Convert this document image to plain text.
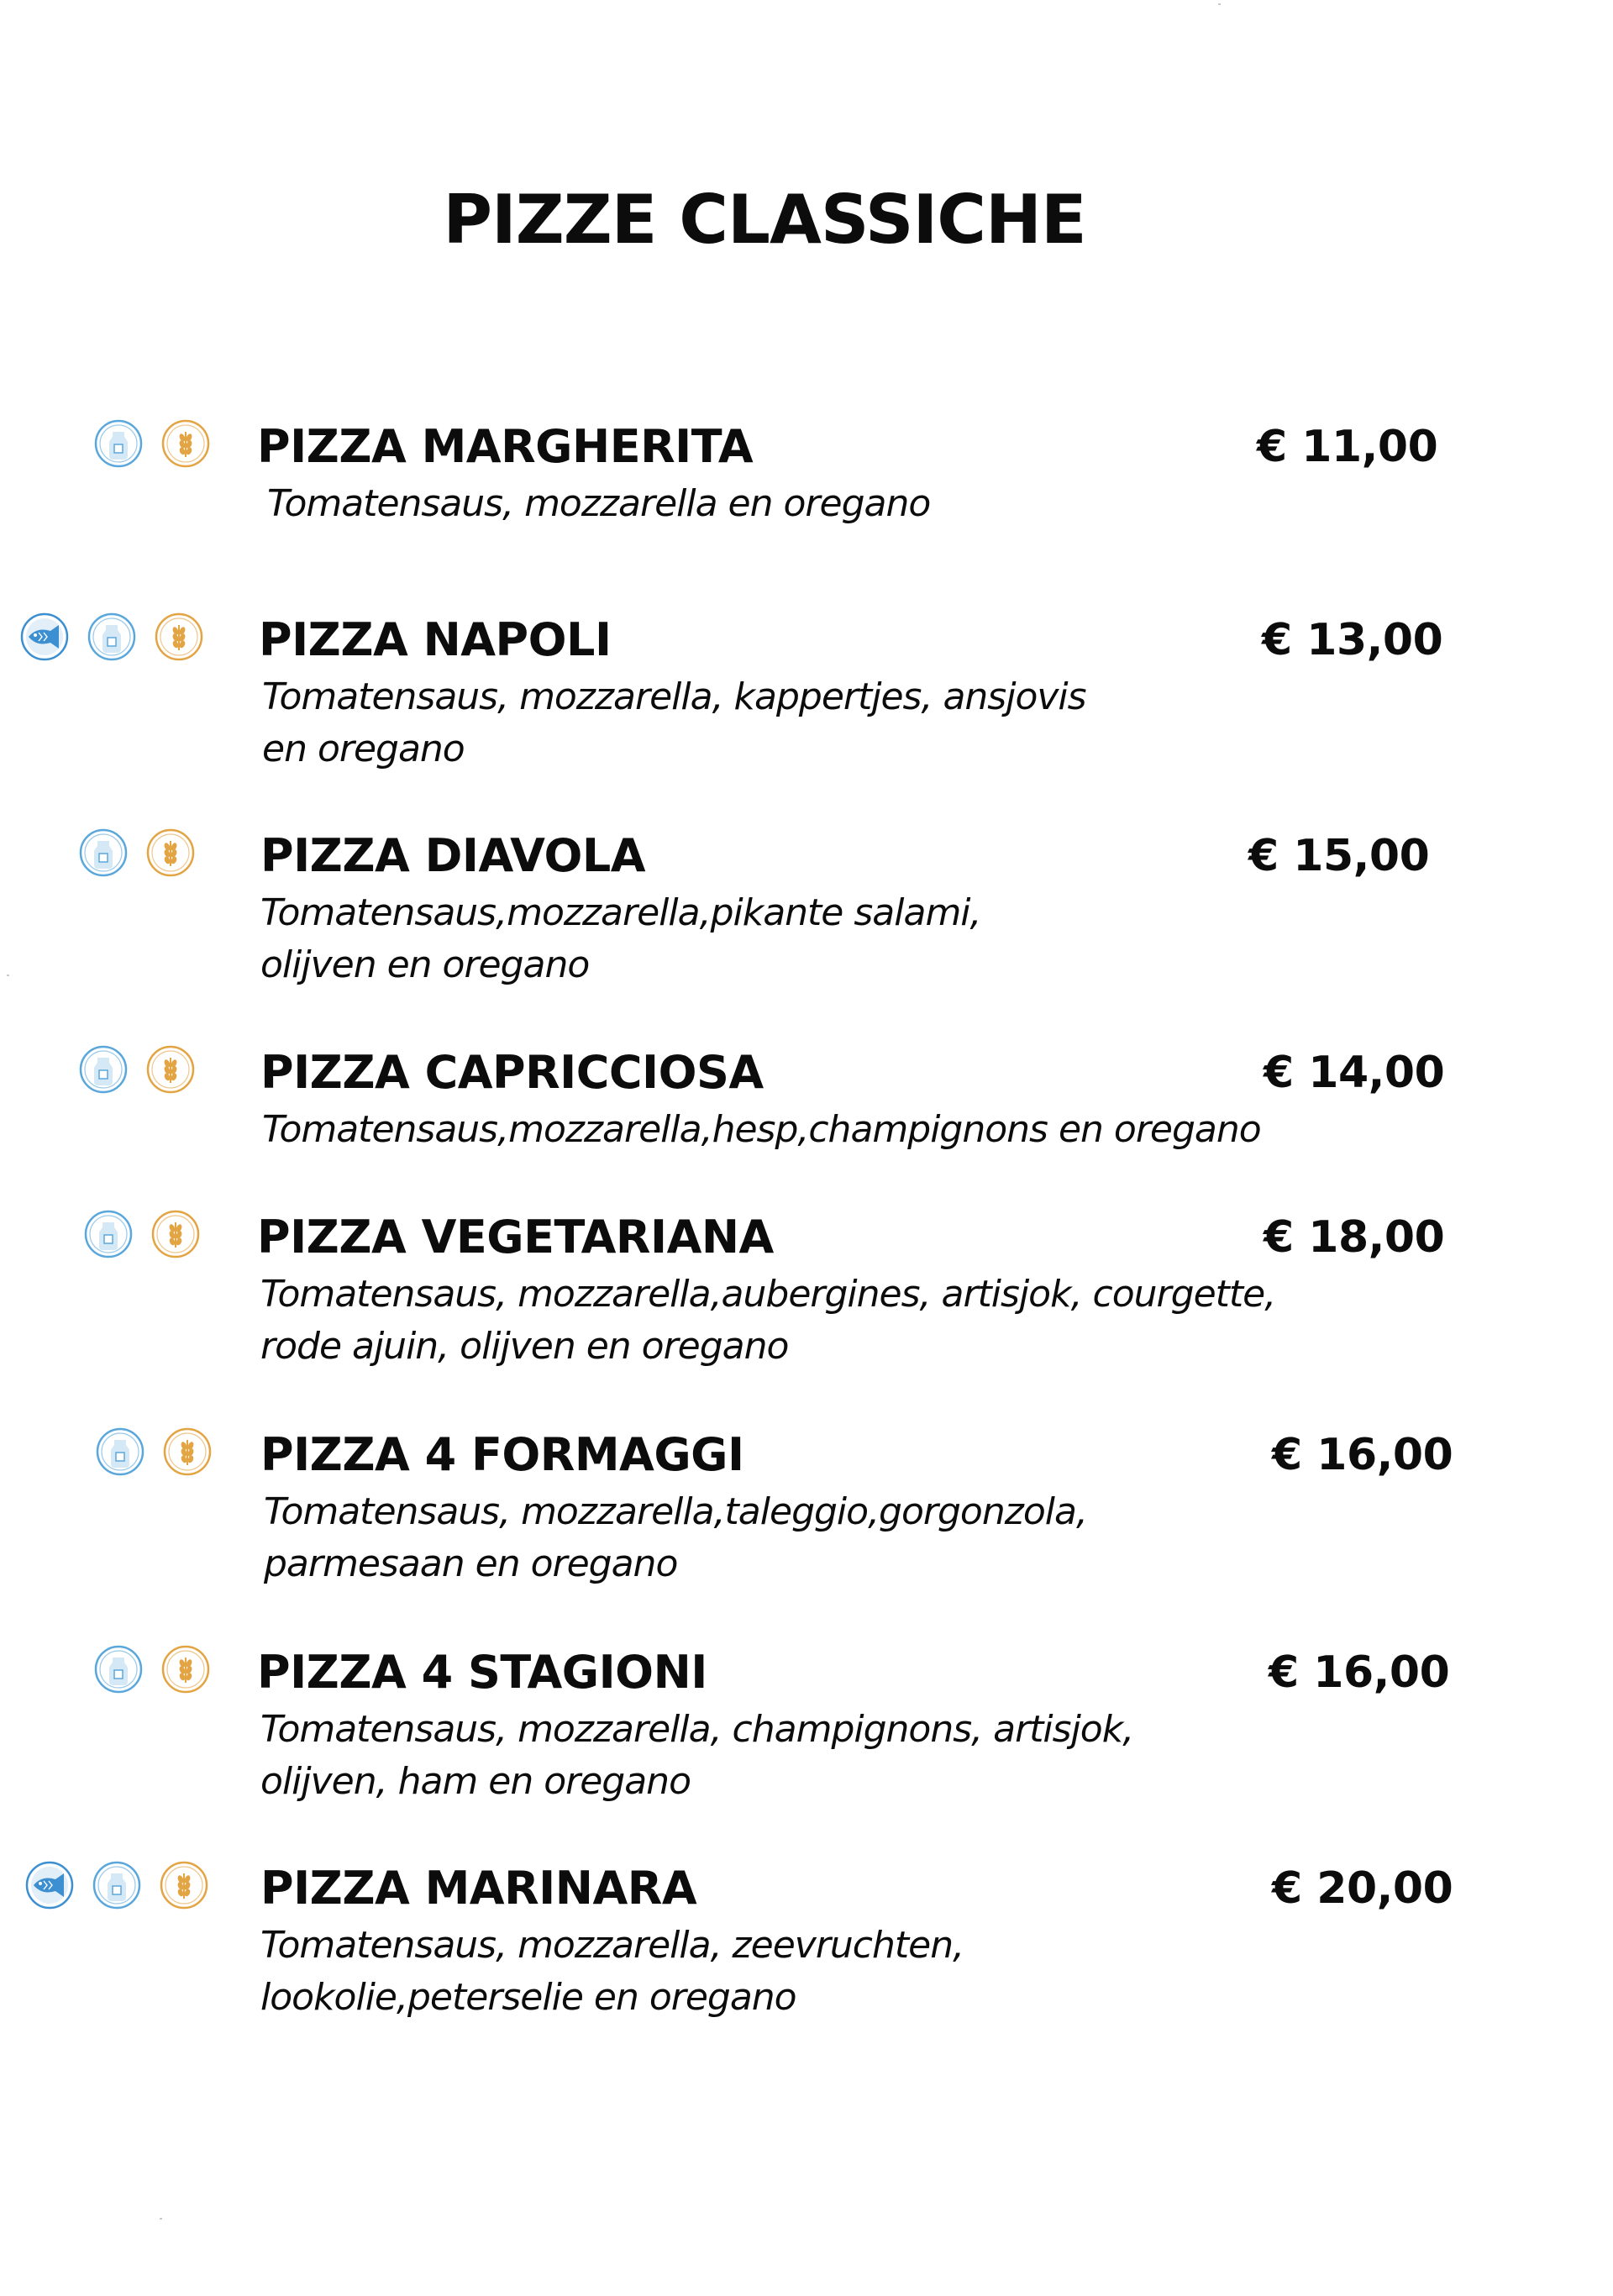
PIZZE CLASSICHE
PIZZA MARGHERITA	€ 11,00
Tomatensaus, mozzarella en oregano
PIZZA NAPOLI	€ 13,00
Tomatensaus, mozzarella, kappertjes, ansjovis
en oregano
PIZZA DIAVOLA	€ 15,00
Tomatensaus,mozzarella,pikante salami,
olijven en oregano
PIZZA CAPRICCIOSA	€ 14,00
Tomatensaus,mozzarella,hesp,champignons en oregano
PIZZA VEGETARIANA	€ 18,00
Tomatensaus, mozzarella,aubergines, artisjok, courgette,
rode ajuin, olijven en oregano
PIZZA 4 FORMAGGI	€ 16,00
Tomatensaus, mozzarella,taleggio,gorgonzola,
parmesaan en oregano
PIZZA 4 STAGIONI	€ 16,00
Tomatensaus, mozzarella, champignons, artisjok,
olijven, ham en oregano
PIZZA MARINARA	€ 20,00
Tomatensaus, mozzarella, zeevruchten,
lookolie,peterselie en oregano
